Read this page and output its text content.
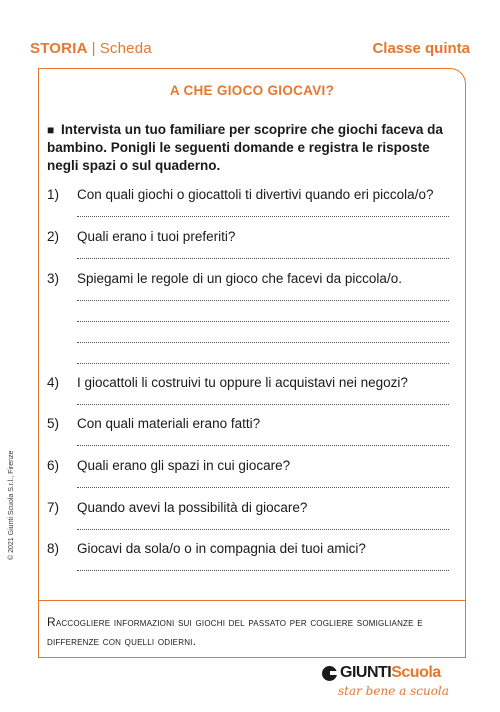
STORIA | Scheda	Classe quinta
A CHE GIOCO GIOCAVI?
■ Intervista un tuo familiare per scoprire che giochi faceva da bambino. Ponigli le seguenti domande e registra le risposte negli spazi o sul quaderno.
1) Con quali giochi o giocattoli ti divertivi quando eri piccola/o?
2) Quali erano i tuoi preferiti?
3) Spiegami le regole di un gioco che facevi da piccola/o.
4) I giocattoli li costruivi tu oppure li acquistavi nei negozi?
5) Con quali materiali erano fatti?
6) Quali erano gli spazi in cui giocare?
7) Quando avevi la possibilità di giocare?
8) Giocavi da sola/o o in compagnia dei tuoi amici?
Raccogliere informazioni sui giochi del passato per cogliere somiglianze e differenze con quelli odierni.
© 2021 Giunti Scuola S.r.l., Firenze
GIUNTIScuola
star bene a scuola
